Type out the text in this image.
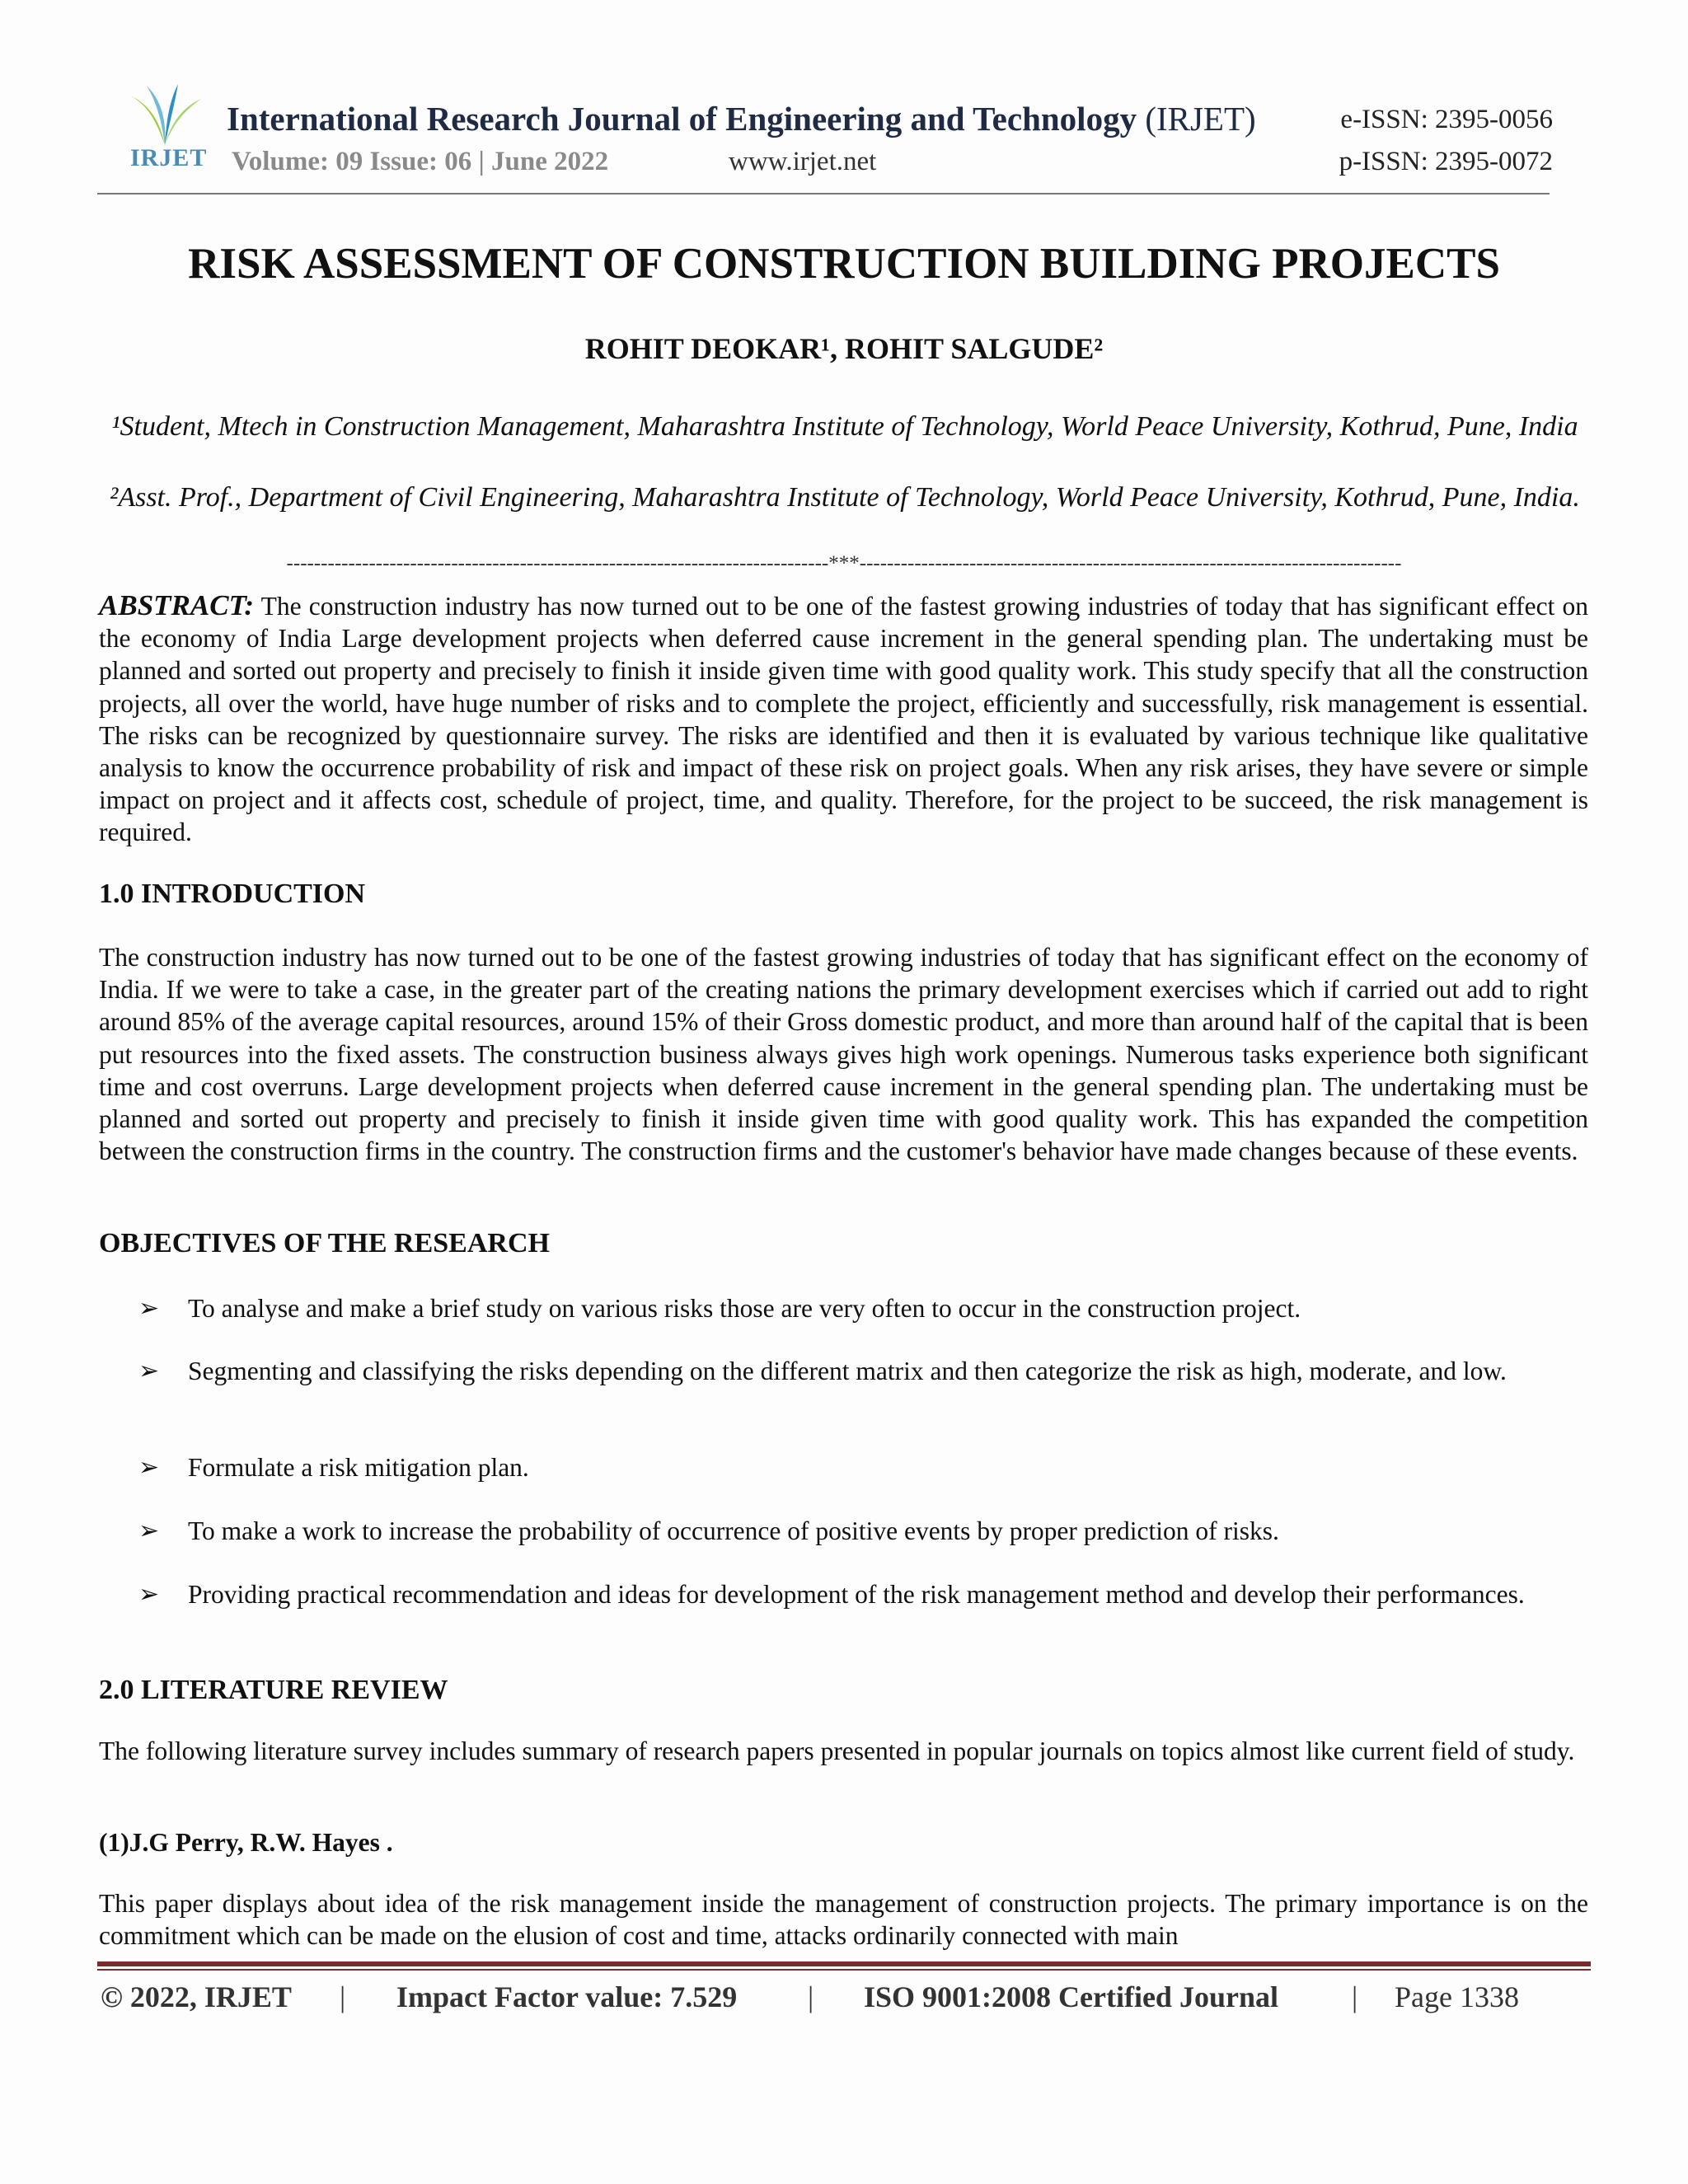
IRJET
International Research Journal of Engineering and Technology (IRJET)
Volume: 09 Issue: 06 | June 2022	www.irjet.net
e-ISSN: 2395-0056
p-ISSN: 2395-0072
RISK ASSESSMENT OF CONSTRUCTION BUILDING PROJECTS
ROHIT DEOKAR¹, ROHIT SALGUDE²
¹Student, Mtech in Construction Management, Maharashtra Institute of Technology, World Peace University, Kothrud, Pune, India
²Asst. Prof., Department of Civil Engineering, Maharashtra Institute of Technology, World Peace University, Kothrud, Pune, India.
-------------------------------------------------------------------------------***-------------------------------------------------------------------------------
ABSTRACT: The construction industry has now turned out to be one of the fastest growing industries of today that has significant effect on the economy of India Large development projects when deferred cause increment in the general spending plan. The undertaking must be planned and sorted out property and precisely to finish it inside given time with good quality work. This study specify that all the construction projects, all over the world, have huge number of risks and to complete the project, efficiently and successfully, risk management is essential. The risks can be recognized by questionnaire survey. The risks are identified and then it is evaluated by various technique like qualitative analysis to know the occurrence probability of risk and impact of these risk on project goals. When any risk arises, they have severe or simple impact on project and it affects cost, schedule of project, time, and quality. Therefore, for the project to be succeed, the risk management is required.
1.0 INTRODUCTION
The construction industry has now turned out to be one of the fastest growing industries of today that has significant effect on the economy of India. If we were to take a case, in the greater part of the creating nations the primary development exercises which if carried out add to right around 85% of the average capital resources, around 15% of their Gross domestic product, and more than around half of the capital that is been put resources into the fixed assets. The construction business always gives high work openings. Numerous tasks experience both significant time and cost overruns. Large development projects when deferred cause increment in the general spending plan. The undertaking must be planned and sorted out property and precisely to finish it inside given time with good quality work. This has expanded the competition between the construction firms in the country. The construction firms and the customer's behavior have made changes because of these events.
OBJECTIVES OF THE RESEARCH
➢ To analyse and make a brief study on various risks those are very often to occur in the construction project.
➢ Segmenting and classifying the risks depending on the different matrix and then categorize the risk as high, moderate, and low.
➢ Formulate a risk mitigation plan.
➢ To make a work to increase the probability of occurrence of positive events by proper prediction of risks.
➢ Providing practical recommendation and ideas for development of the risk management method and develop their performances.
2.0 LITERATURE REVIEW
The following literature survey includes summary of research papers presented in popular journals on topics almost like current field of study.
(1)J.G Perry, R.W. Hayes .
This paper displays about idea of the risk management inside the management of construction projects. The primary importance is on the commitment which can be made on the elusion of cost and time, attacks ordinarily connected with main
© 2022, IRJET | Impact Factor value: 7.529 | ISO 9001:2008 Certified Journal | Page 1338
